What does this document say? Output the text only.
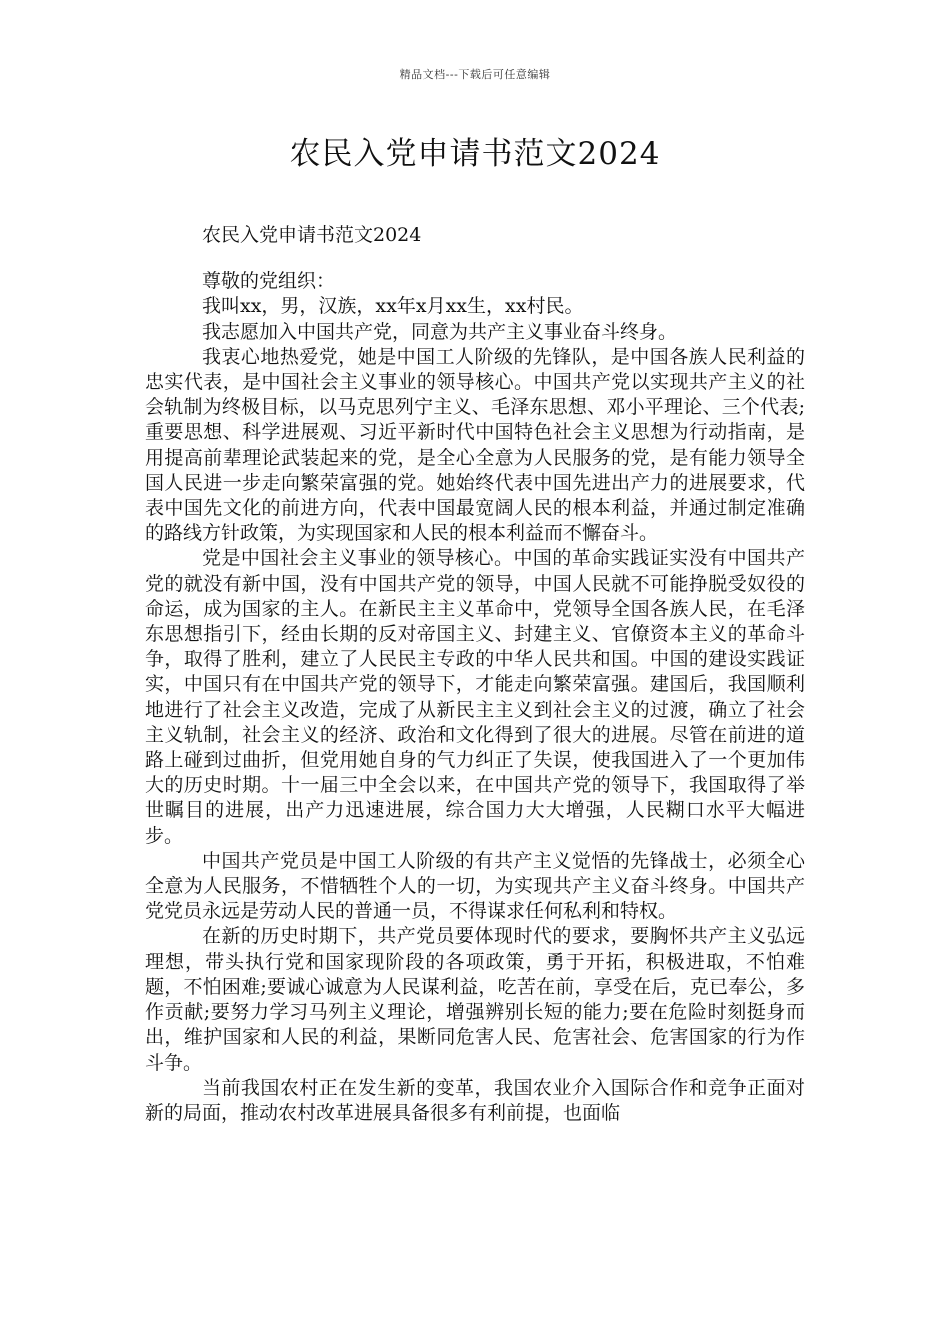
精品文档---下载后可任意编辑
农民入党申请书范文2024

农民入党申请书范文2024

尊敬的党组织：

我叫xx，男，汉族，xx年x月xx生，xx村民。

我志愿加入中国共产党，同意为共产主义事业奋斗终身。

我衷心地热爱党，她是中国工人阶级的先锋队，是中国各族人民利益的忠实代表，是中国社会主义事业的领导核心。中国共产党以实现共产主义的社会轨制为终极目标，以马克思列宁主义、毛泽东思想、邓小平理论、三个代表;重要思想、科学进展观、习近平新时代中国特色社会主义思想为行动指南，是用提高前辈理论武装起来的党，是全心全意为人民服务的党，是有能力领导全国人民进一步走向繁荣富强的党。她始终代表中国先进出产力的进展要求，代表中国先文化的前进方向，代表中国最宽阔人民的根本利益，并通过制定准确的路线方针政策，为实现国家和人民的根本利益而不懈奋斗。

党是中国社会主义事业的领导核心。中国的革命实践证实没有中国共产党的就没有新中国，没有中国共产党的领导，中国人民就不可能挣脱受奴役的命运，成为国家的主人。在新民主主义革命中，党领导全国各族人民，在毛泽东思想指引下，经由长期的反对帝国主义、封建主义、官僚资本主义的革命斗争，取得了胜利，建立了人民民主专政的中华人民共和国。中国的建设实践证实，中国只有在中国共产党的领导下，才能走向繁荣富强。建国后，我国顺利地进行了社会主义改造，完成了从新民主主义到社会主义的过渡，确立了社会主义轨制，社会主义的经济、政治和文化得到了很大的进展。尽管在前进的道路上碰到过曲折，但党用她自身的气力纠正了失误，使我国进入了一个更加伟大的历史时期。十一届三中全会以来，在中国共产党的领导下，我国取得了举世瞩目的进展，出产力迅速进展，综合国力大大增强，人民糊口水平大幅进步。

中国共产党员是中国工人阶级的有共产主义觉悟的先锋战士，必须全心全意为人民服务，不惜牺牲个人的一切，为实现共产主义奋斗终身。中国共产党党员永远是劳动人民的普通一员，不得谋求任何私利和特权。

在新的历史时期下，共产党员要体现时代的要求，要胸怀共产主义弘远理想，带头执行党和国家现阶段的各项政策，勇于开拓，积极进取，不怕难题，不怕困难;要诚心诚意为人民谋利益，吃苦在前，享受在后，克已奉公，多作贡献;要努力学习马列主义理论，增强辨别长短的能力;要在危险时刻挺身而出，维护国家和人民的利益，果断同危害人民、危害社会、危害国家的行为作斗争。

当前我国农村正在发生新的变革，我国农业介入国际合作和竞争正面对新的局面，推动农村改革进展具备很多有利前提，也面临
